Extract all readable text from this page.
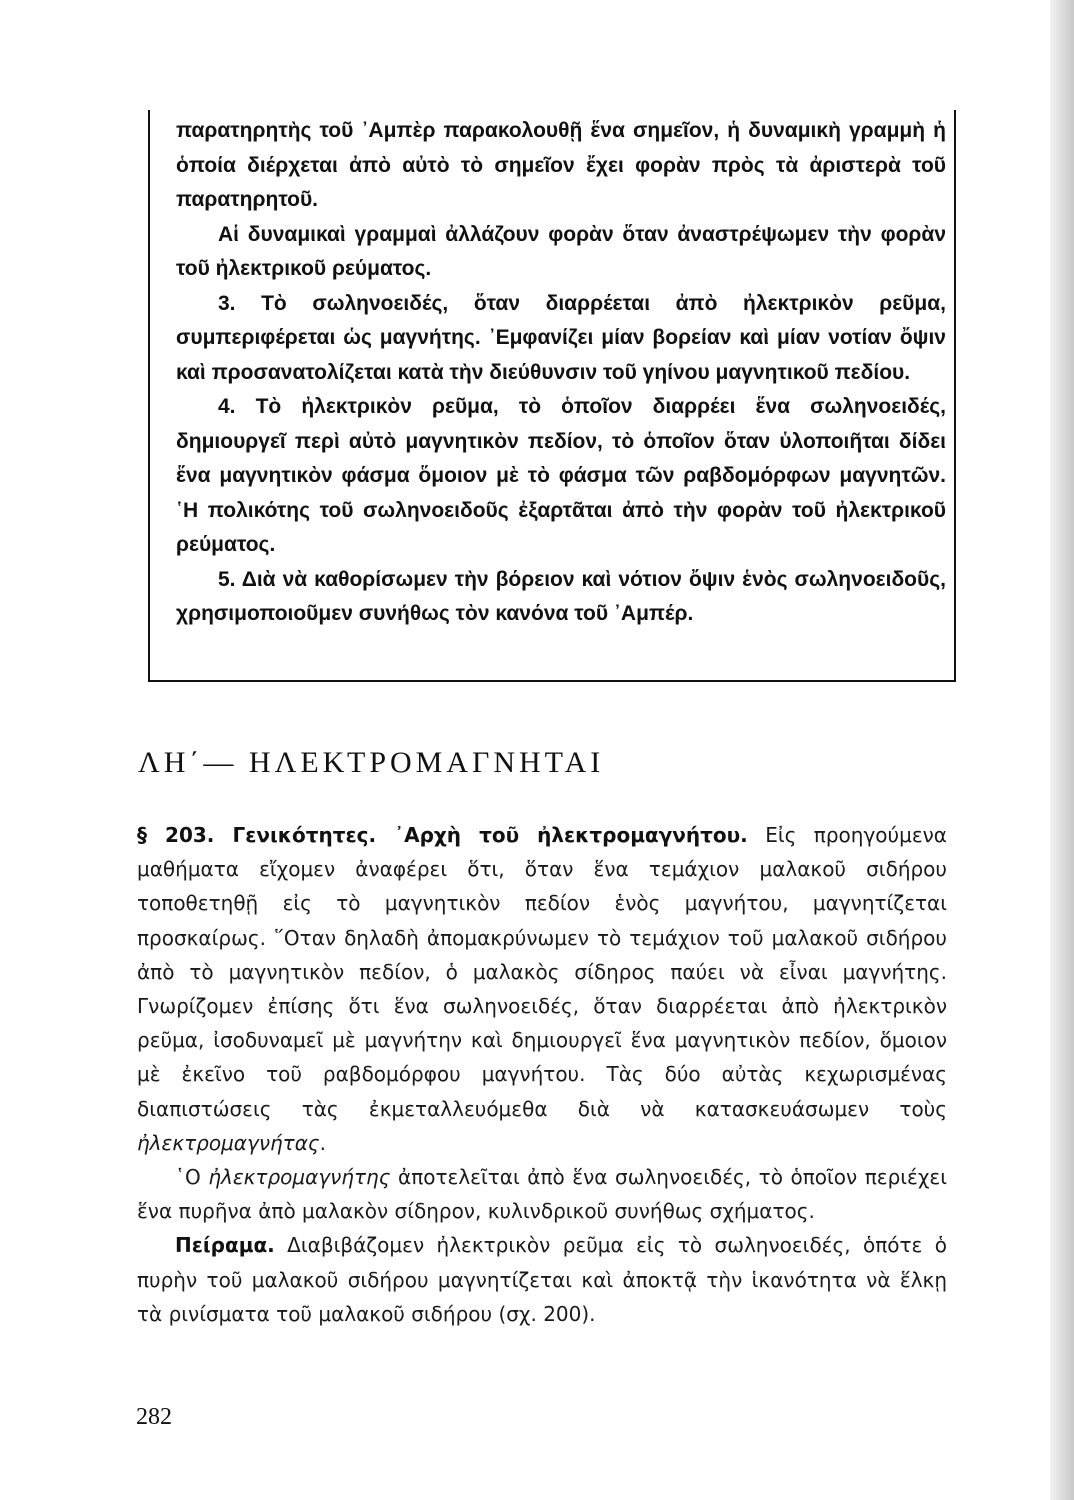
παρατηρητὴς τοῦ ᾿Αμπὲρ παρακολουθῇ ἕνα σημεῖον, ἡ δυναμικὴ γραμμὴ ἡ ὁποία διέρχεται ἀπὸ αὐτὸ τὸ σημεῖον ἔχει φορὰν πρὸς τὰ ἀριστερὰ τοῦ παρατηρητοῦ.

Αἱ δυναμικαὶ γραμμαὶ ἀλλάζουν φορὰν ὅταν ἀναστρέψωμεν τὴν φορὰν τοῦ ἠλεκτρικοῦ ρεύματος.

3. Τὸ σωληνοειδές, ὅταν διαρρέεται ἀπὸ ἠλεκτρικὸν ρεῦμα, συμπεριφέρεται ὡς μαγνήτης. ᾿Εμφανίζει μίαν βορείαν καὶ μίαν νοτίαν ὄψιν καὶ προσανατολίζεται κατὰ τὴν διεύθυνσιν τοῦ γηίνου μαγνητικοῦ πεδίου.

4. Τὸ ἠλεκτρικὸν ρεῦμα, τὸ ὁποῖον διαρρέει ἕνα σωληνοειδές, δημιουργεῖ περὶ αὐτὸ μαγνητικὸν πεδίον, τὸ ὁποῖον ὅταν ὑλοποιῆται δίδει ἕνα μαγνητικὸν φάσμα ὅμοιον μὲ τὸ φάσμα τῶν ραβδομόρφων μαγνητῶν. ῾Η πολικότης τοῦ σωληνοειδοῦς ἐξαρτᾶται ἀπὸ τὴν φορὰν τοῦ ἠλεκτρικοῦ ρεύματος.

5. Διὰ νὰ καθορίσωμεν τὴν βόρειον καὶ νότιον ὄψιν ἑνὸς σωληνοειδοῦς, χρησιμοποιοῦμεν συνήθως τὸν κανόνα τοῦ ᾿Αμπέρ.

ΛΗ΄— ΗΛΕΚΤΡΟΜΑΓΝΗΤΑΙ

§ 203. Γενικότητες. ᾿Αρχὴ τοῦ ἠλεκτρομαγνήτου. Εἰς προηγούμενα μαθήματα εἴχομεν ἀναφέρει ὅτι, ὅταν ἕνα τεμάχιον μαλακοῦ σιδήρου τοποθετηθῇ εἰς τὸ μαγνητικὸν πεδίον ἑνὸς μαγνήτου, μαγνητίζεται προσκαίρως. ῞Οταν δηλαδὴ ἀπομακρύνωμεν τὸ τεμάχιον τοῦ μαλακοῦ σιδήρου ἀπὸ τὸ μαγνητικὸν πεδίον, ὁ μαλακὸς σίδηρος παύει νὰ εἶναι μαγνήτης. Γνωρίζομεν ἐπίσης ὅτι ἕνα σωληνοειδές, ὅταν διαρρέεται ἀπὸ ἠλεκτρικὸν ρεῦμα, ἰσοδυναμεῖ μὲ μαγνήτην καὶ δημιουργεῖ ἕνα μαγνητικὸν πεδίον, ὅμοιον μὲ ἐκεῖνο τοῦ ραβδομόρφου μαγνήτου. Τὰς δύο αὐτὰς κεχωρισμένας διαπιστώσεις τὰς ἐκμεταλλευόμεθα διὰ νὰ κατασκευάσωμεν τοὺς ἠλεκτρομαγνήτας.

῾Ο ἠλεκτρομαγνήτης ἀποτελεῖται ἀπὸ ἕνα σωληνοειδές, τὸ ὁποῖον περιέχει ἕνα πυρῆνα ἀπὸ μαλακὸν σίδηρον, κυλινδρικοῦ συνήθως σχήματος.

Πείραμα. Διαβιβάζομεν ἠλεκτρικὸν ρεῦμα εἰς τὸ σωληνοειδές, ὁπότε ὁ πυρὴν τοῦ μαλακοῦ σιδήρου μαγνητίζεται καὶ ἀποκτᾷ τὴν ἱκανότητα νὰ ἕλκῃ τὰ ρινίσματα τοῦ μαλακοῦ σιδήρου (σχ. 200).

282
